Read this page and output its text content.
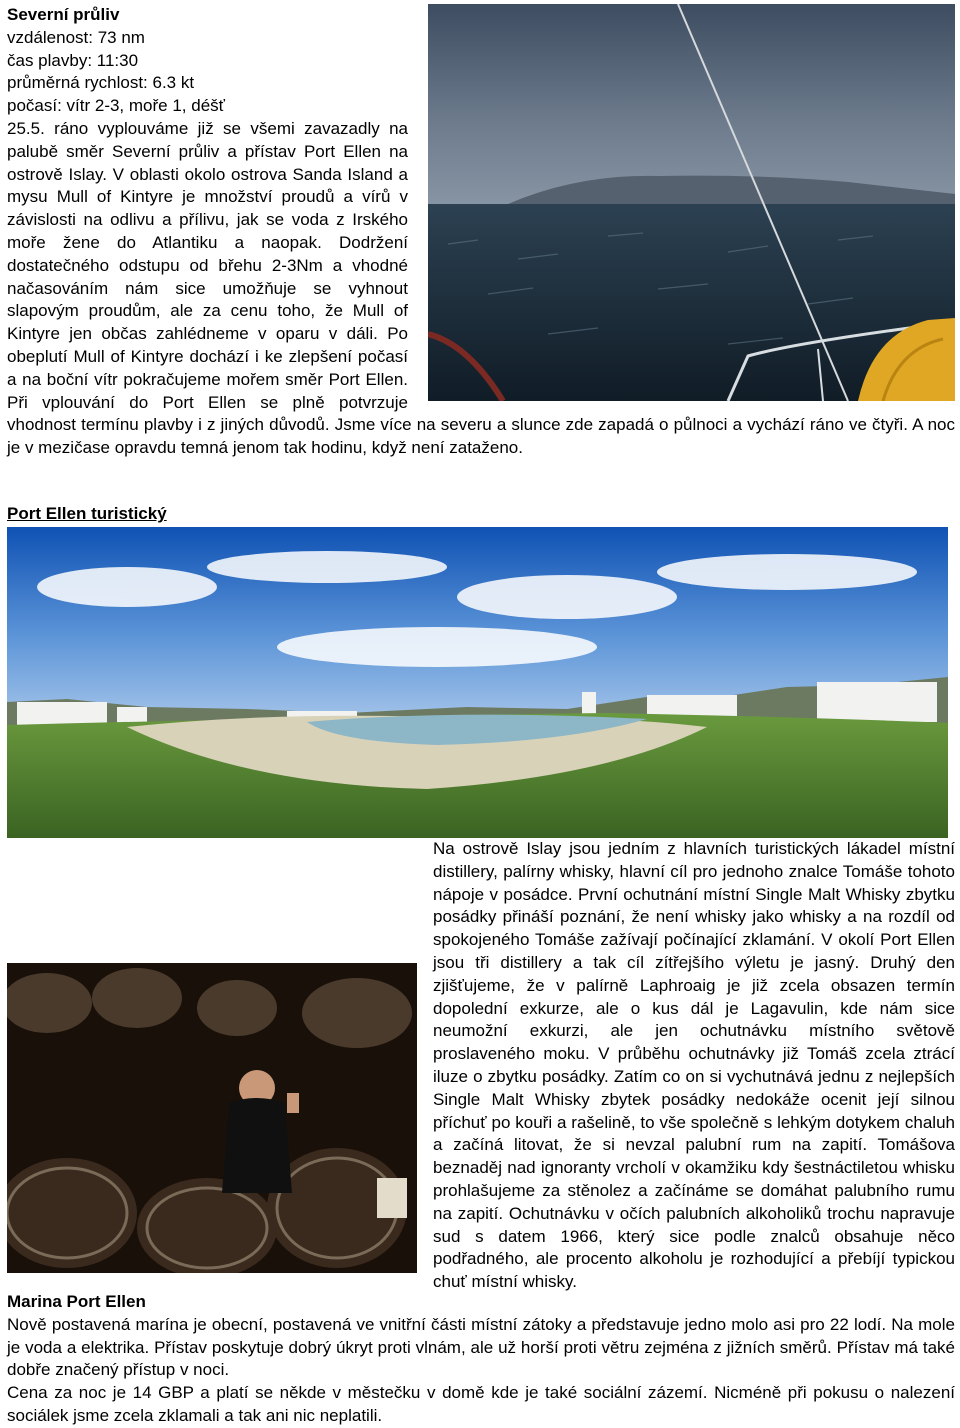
Severní průliv
vzdálenost: 73 nm
čas plavby: 11:30
průměrná rychlost: 6.3 kt
počasí: vítr 2-3, moře 1, déšť
25.5. ráno vyplouváme již se všemi zavazadly na palubě směr Severní průliv a přístav Port Ellen na ostrově Islay. V oblasti okolo ostrova Sanda Island a mysu Mull of Kintyre je množství proudů a vírů v závislosti na odlivu a přílivu, jak se voda z Irského moře žene do Atlantiku a naopak. Dodržení dostatečného odstupu od břehu 2-3Nm a vhodné načasováním nám sice umožňuje se vyhnout slapovým proudům, ale za cenu toho, že Mull of Kintyre jen občas zahlédneme v oparu v dáli. Po obeplutí Mull of Kintyre dochází i ke zlepšení počasí a na boční vítr pokračujeme mořem směr Port Ellen. Při vplouvání do Port Ellen se plně potvrzuje vhodnost termínu plavby i z jiných důvodů. Jsme více na severu a slunce zde zapadá o půlnoci a vychází ráno ve čtyři. A noc je v mezičase opravdu temná jenom tak hodinu, když není zataženo.
Port Ellen turistický
Na ostrově Islay jsou jedním z hlavních turistických lákadel místní distillery, palírny whisky, hlavní cíl pro jednoho znalce Tomáše tohoto nápoje v posádce. První ochutnání místní Single Malt Whisky zbytku posádky přináší poznání, že není whisky jako whisky a na rozdíl od spokojeného Tomáše zažívají počínající zklamání. V okolí Port Ellen jsou tři distillery a tak cíl zítřejšího výletu je jasný. Druhý den zjišťujeme, že v palírně Laphroaig je již zcela obsazen termín dopolední exkurze, ale o kus dál je Lagavulin, kde nám sice neumožní exkurzi, ale jen ochutnávku místního světově proslaveného moku. V průběhu ochutnávky již Tomáš zcela ztrácí iluze o zbytku posádky. Zatím co on si vychutnává jednu z nejlepších Single Malt Whisky zbytek posádky nedokáže ocenit její silnou příchuť po kouři a rašelině, to vše společně s lehkým dotykem chaluh a začíná litovat, že si nevzal palubní rum na zapití. Tomášova beznaděj nad ignoranty vrcholí v okamžiku kdy šestnáctiletou whisku prohlašujeme za stěnolez a začínáme se domáhat palubního rumu na zapití. Ochutnávku v očích palubních alkoholiků trochu napravuje sud s datem 1966, který sice podle znalců obsahuje něco podřadného, ale procento alkoholu je rozhodující a přebíjí typickou chuť místní whisky.
Marina Port Ellen
Nově postavená marína je obecní, postavená ve vnitřní části místní zátoky a představuje jedno molo asi pro 22 lodí. Na mole je voda a elektrika. Přístav poskytuje dobrý úkryt proti vlnám, ale už horší proti větru zejména z jižních směrů. Přístav má také dobře značený přístup v noci.
Cena za noc je 14 GBP a platí se někde v městečku v domě kde je také sociální zázemí. Nicméně při pokusu o nalezení sociálek jsme zcela zklamali a tak ani nic neplatili.
